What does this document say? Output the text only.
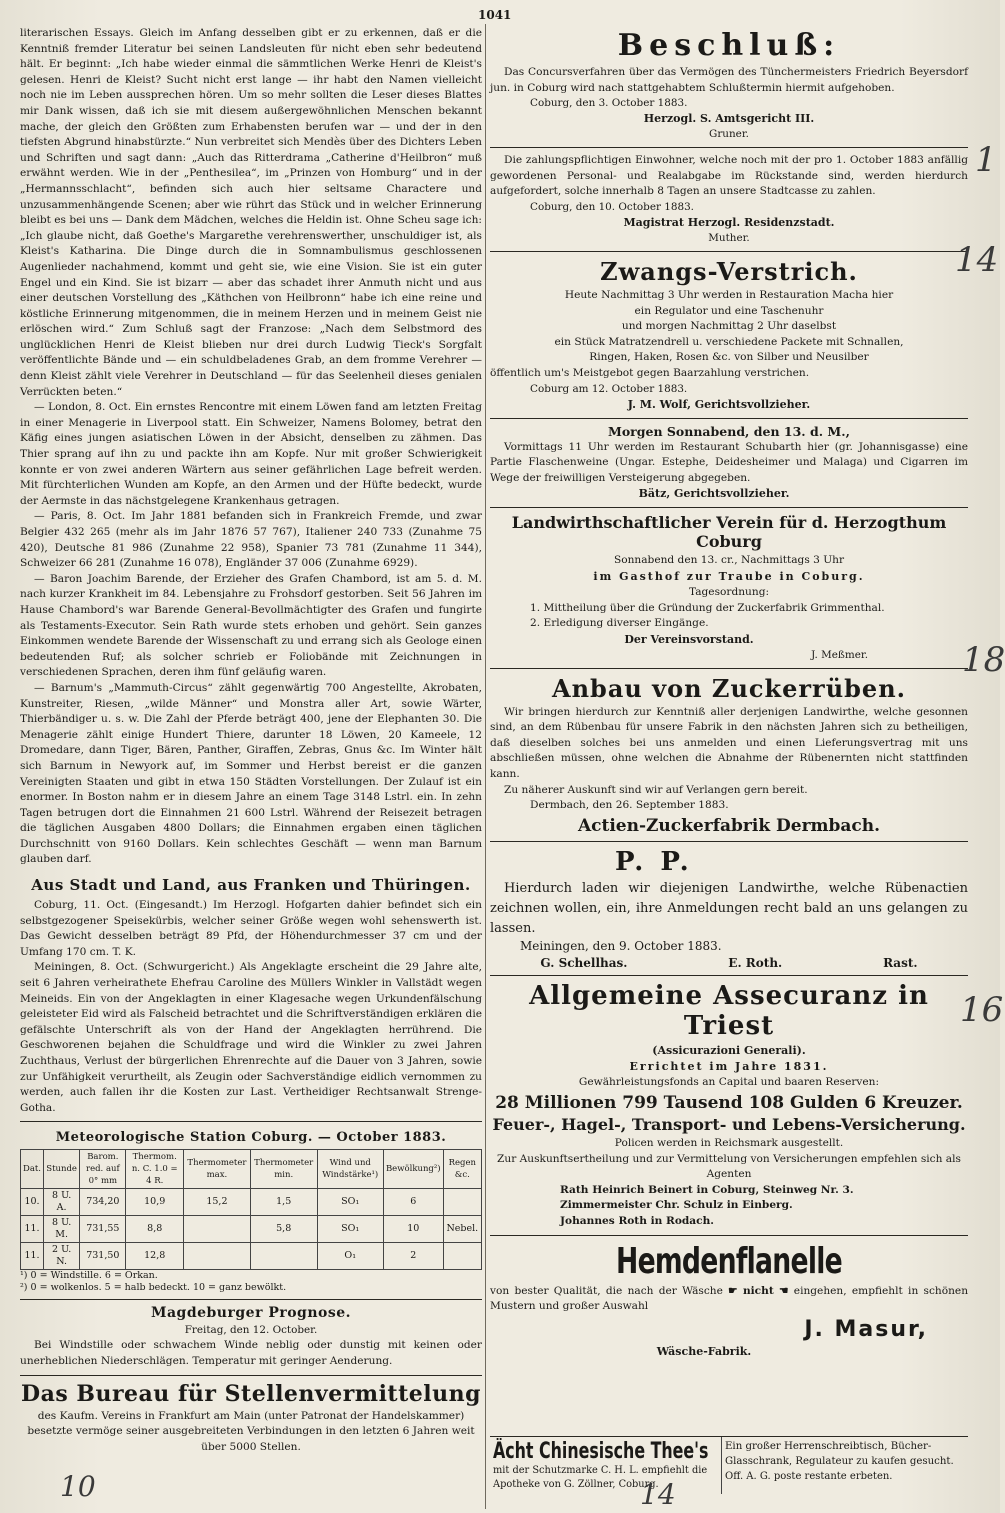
1041

literarischen Essays. Gleich im Anfang desselben gibt er zu erkennen, daß er die Kenntniß fremder Literatur bei seinen Landsleuten für nicht eben sehr bedeutend hält. Er beginnt: „Ich habe wieder einmal die sämmtlichen Werke Henri de Kleist's gelesen. Henri de Kleist? Sucht nicht erst lange — ihr habt den Namen vielleicht noch nie im Leben aussprechen hören. Um so mehr sollten die Leser dieses Blattes mir Dank wissen, daß ich sie mit diesem außergewöhnlichen Menschen bekannt mache, der gleich den Größten zum Erhabensten berufen war — und der in den tiefsten Abgrund hinabstürzte.“ Nun verbreitet sich Mendès über des Dichters Leben und Schriften und sagt dann: „Auch das Ritterdrama „Catherine d'Heilbron“ muß erwähnt werden. Wie in der „Penthesilea“, im „Prinzen von Homburg“ und in der „Hermannsschlacht“, befinden sich auch hier seltsame Charactere und unzusammenhängende Scenen; aber wie rührt das Stück und in welcher Erinnerung bleibt es bei uns — Dank dem Mädchen, welches die Heldin ist. Ohne Scheu sage ich: „Ich glaube nicht, daß Goethe's Margarethe verehrenswerther, unschuldiger ist, als Kleist's Katharina. Die Dinge durch die in Somnambulismus geschlossenen Augenlieder nachahmend, kommt und geht sie, wie eine Vision. Sie ist ein guter Engel und ein Kind. Sie ist bizarr — aber das schadet ihrer Anmuth nicht und aus einer deutschen Vorstellung des „Käthchen von Heilbronn“ habe ich eine reine und köstliche Erinnerung mitgenommen, die in meinem Herzen und in meinem Geist nie erlöschen wird.“ Zum Schluß sagt der Franzose: „Nach dem Selbstmord des unglücklichen Henri de Kleist blieben nur drei durch Ludwig Tieck's Sorgfalt veröffentlichte Bände und — ein schuldbeladenes Grab, an dem fromme Verehrer — denn Kleist zählt viele Verehrer in Deutschland — für das Seelenheil dieses genialen Verrückten beten.“

— London, 8. Oct. Ein ernstes Rencontre mit einem Löwen fand am letzten Freitag in einer Menagerie in Liverpool statt. Ein Schweizer, Namens Bolomey, betrat den Käfig eines jungen asiatischen Löwen in der Absicht, denselben zu zähmen. Das Thier sprang auf ihn zu und packte ihn am Kopfe. Nur mit großer Schwierigkeit konnte er von zwei anderen Wärtern aus seiner gefährlichen Lage befreit werden. Mit fürchterlichen Wunden am Kopfe, an den Armen und der Hüfte bedeckt, wurde der Aermste in das nächstgelegene Krankenhaus getragen.

— Paris, 8. Oct. Im Jahr 1881 befanden sich in Frankreich Fremde, und zwar Belgier 432 265 (mehr als im Jahr 1876 57 767), Italiener 240 733 (Zunahme 75 420), Deutsche 81 986 (Zunahme 22 958), Spanier 73 781 (Zunahme 11 344), Schweizer 66 281 (Zunahme 16 078), Engländer 37 006 (Zunahme 6929).

— Baron Joachim Barende, der Erzieher des Grafen Chambord, ist am 5. d. M. nach kurzer Krankheit im 84. Lebensjahre zu Frohsdorf gestorben. Seit 56 Jahren im Hause Chambord's war Barende General-Bevollmächtigter des Grafen und fungirte als Testaments-Executor. Sein Rath wurde stets erhoben und gehört. Sein ganzes Einkommen wendete Barende der Wissenschaft zu und errang sich als Geologe einen bedeutenden Ruf; als solcher schrieb er Foliobände mit Zeichnungen in verschiedenen Sprachen, deren ihm fünf geläufig waren.

— Barnum's „Mammuth-Circus“ zählt gegenwärtig 700 Angestellte, Akrobaten, Kunstreiter, Riesen, „wilde Männer“ und Monstra aller Art, sowie Wärter, Thierbändiger u. s. w. Die Zahl der Pferde beträgt 400, jene der Elephanten 30. Die Menagerie zählt einige Hundert Thiere, darunter 18 Löwen, 20 Kameele, 12 Dromedare, dann Tiger, Bären, Panther, Giraffen, Zebras, Gnus &c. Im Winter hält sich Barnum in Newyork auf, im Sommer und Herbst bereist er die ganzen Vereinigten Staaten und gibt in etwa 150 Städten Vorstellungen. Der Zulauf ist ein enormer. In Boston nahm er in diesem Jahre an einem Tage 3148 Lstrl. ein. In zehn Tagen betrugen dort die Einnahmen 21 600 Lstrl. Während der Reisezeit betragen die täglichen Ausgaben 4800 Dollars; die Einnahmen ergaben einen täglichen Durchschnitt von 9160 Dollars. Kein schlechtes Geschäft — wenn man Barnum glauben darf.

Aus Stadt und Land, aus Franken und Thüringen.

Coburg, 11. Oct. (Eingesandt.) Im Herzogl. Hofgarten dahier befindet sich ein selbstgezogener Speisekürbis, welcher seiner Größe wegen wohl sehenswerth ist. Das Gewicht desselben beträgt 89 Pfd, der Höhendurchmesser 37 cm und der Umfang 170 cm. T. K.

Meiningen, 8. Oct. (Schwurgericht.) Als Angeklagte erscheint die 29 Jahre alte, seit 6 Jahren verheirathete Ehefrau Caroline des Müllers Winkler in Vallstädt wegen Meineids. Ein von der Angeklagten in einer Klagesache wegen Urkundenfälschung geleisteter Eid wird als Falscheid betrachtet und die Schriftverständigen erklären die gefälschte Unterschrift als von der Hand der Angeklagten herrührend. Die Geschworenen bejahen die Schuldfrage und wird die Winkler zu zwei Jahren Zuchthaus, Verlust der bürgerlichen Ehrenrechte auf die Dauer von 3 Jahren, sowie zur Unfähigkeit verurtheilt, als Zeugin oder Sachverständige eidlich vernommen zu werden, auch fallen ihr die Kosten zur Last. Vertheidiger Rechtsanwalt Strenge-Gotha.

Meteorologische Station Coburg. — October 1883.
Dat.	Stunde	Barom. red. auf 0° mm	Thermom. n. C. 1.0 = 4 R.	Thermometer max.	Thermometer min.	Wind und Windstärke¹)	Bewölkung²)	Regen &c.
10.	8 U. A.	734,20	10,9	15,2	1,5	SO₁	6	
11.	8 U. M.	731,55	8,8		5,8	SO₁	10	Nebel.
11.	2 U. N.	731,50	12,8			O₁	2	
¹) 0 = Windstille. 6 = Orkan.
²) 0 = wolkenlos. 5 = halb bedeckt. 10 = ganz bewölkt.
Magdeburger Prognose.
Freitag, den 12. October.

Bei Windstille oder schwachem Winde neblig oder dunstig mit keinen oder unerheblichen Niederschlägen. Temperatur mit geringer Aenderung.

Das Bureau für Stellenvermittelung

des Kaufm. Vereins in Frankfurt am Main (unter Patronat der Handelskammer) besetzte vermöge seiner ausgebreiteten Verbindungen in den letzten 6 Jahren weit über 5000 Stellen.

Beschluß:

Das Concursverfahren über das Vermögen des Tünchermeisters Friedrich Beyersdorf jun. in Coburg wird nach stattgehabtem Schlußtermin hiermit aufgehoben.

Coburg, den 3. October 1883.
Herzogl. S. Amtsgericht III.
Gruner.

Die zahlungspflichtigen Einwohner, welche noch mit der pro 1. October 1883 anfällig gewordenen Personal- und Realabgabe im Rückstande sind, werden hierdurch aufgefordert, solche innerhalb 8 Tagen an unsere Stadtcasse zu zahlen.

Coburg, den 10. October 1883.
Magistrat Herzogl. Residenzstadt.
Muther.
Zwangs-Verstrich.
Heute Nachmittag 3 Uhr werden in Restauration Macha hier
ein Regulator und eine Taschenuhr
und morgen Nachmittag 2 Uhr daselbst
ein Stück Matratzendrell u. verschiedene Packete mit Schnallen,
Ringen, Haken, Rosen &c. von Silber und Neusilber
öffentlich um's Meistgebot gegen Baarzahlung verstrichen.
Coburg am 12. October 1883.
J. M. Wolf, Gerichtsvollzieher.
Morgen Sonnabend, den 13. d. M.,

Vormittags 11 Uhr werden im Restaurant Schubarth hier (gr. Johannisgasse) eine Partie Flaschenweine (Ungar. Estephe, Deidesheimer und Malaga) und Cigarren im Wege der freiwilligen Versteigerung abgegeben.

Bätz, Gerichtsvollzieher.
Landwirthschaftlicher Verein für d. Herzogthum Coburg
Sonnabend den 13. cr., Nachmittags 3 Uhr
im Gasthof zur Traube in Coburg.
Tagesordnung:
1. Mittheilung über die Gründung der Zuckerfabrik Grimmenthal.
2. Erledigung diverser Eingänge.
Der Vereinsvorstand.
J. Meßmer.
Anbau von Zuckerrüben.

Wir bringen hierdurch zur Kenntniß aller derjenigen Landwirthe, welche gesonnen sind, an dem Rübenbau für unsere Fabrik in den nächsten Jahren sich zu betheiligen, daß dieselben solches bei uns anmelden und einen Lieferungsvertrag mit uns abschließen müssen, ohne welchen die Abnahme der Rübenernten nicht stattfinden kann.

Zu näherer Auskunft sind wir auf Verlangen gern bereit.
Dermbach, den 26. September 1883.
Actien-Zuckerfabrik Dermbach.
P. P.

Hierdurch laden wir diejenigen Landwirthe, welche Rübenactien zeichnen wollen, ein, ihre Anmeldungen recht bald an uns gelangen zu lassen.

Meiningen, den 9. October 1883.
G. Schellhas.	E. Roth.	Rast.
Allgemeine Assecuranz in Triest
(Assicurazioni Generali).
Errichtet im Jahre 1831.
Gewährleistungsfonds an Capital und baaren Reserven:
28 Millionen 799 Tausend 108 Gulden 6 Kreuzer.
Feuer-, Hagel-, Transport- und Lebens-Versicherung.
Policen werden in Reichsmark ausgestellt.
Zur Auskunftsertheilung und zur Vermittelung von Versicherungen empfehlen sich als Agenten
Rath Heinrich Beinert in Coburg, Steinweg Nr. 3.
Zimmermeister Chr. Schulz in Einberg.
Johannes Roth in Rodach.
Hemdenflanelle

von bester Qualität, die nach der Wäsche ☛ nicht ☚ eingehen, empfiehlt in schönen Mustern und großer Auswahl

J. Masur,
Wäsche-Fabrik.
Ächt Chinesische Thee's
mit der Schutzmarke C. H. L. empfiehlt die Apotheke von G. Zöllner, Coburg.
Ein großer Herrenschreibtisch, Bücher- Glasschrank, Regulateur zu kaufen gesucht.
Off. A. G. poste restante erbeten.
1
14
18
16
10	14
